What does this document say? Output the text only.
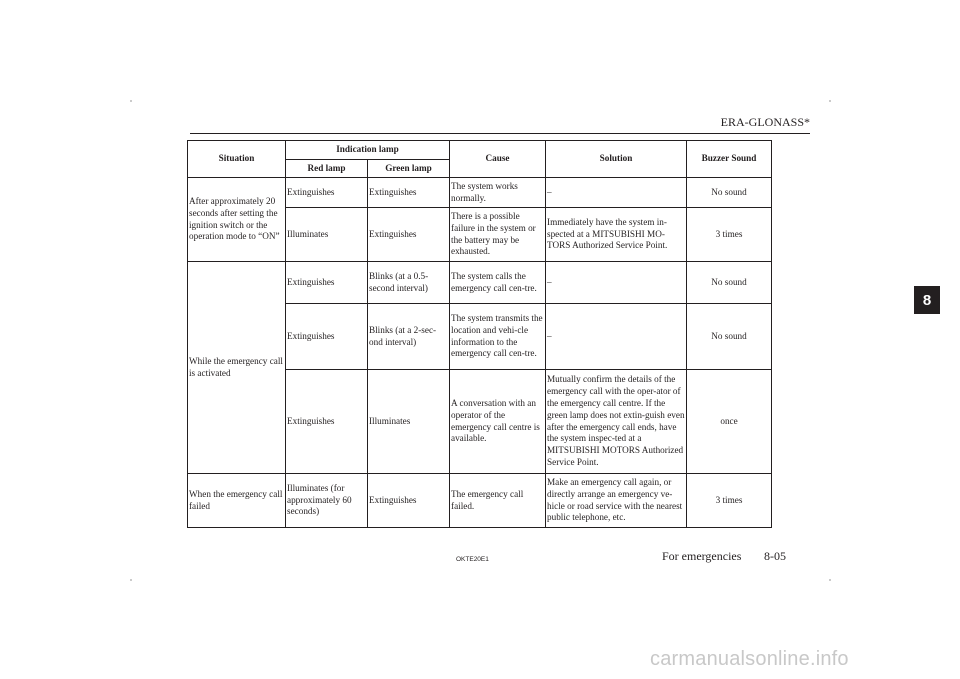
ERA-GLONASS*
8
Situation	Indication lamp		Cause	Solution	Buzzer Sound
	Red lamp	Green lamp			
After approximately 20 seconds after setting the ignition switch or the operation mode to “ON”	Extinguishes	Extinguishes	The system works normally.	–	No sound
	Illuminates	Extinguishes	There is a possible failure in the system or the battery may be exhausted.	Immediately have the system in-spected at a MITSUBISHI MO-TORS Authorized Service Point.	3 times
While the emergency call is activated	Extinguishes	Blinks (at a 0.5-second interval)	The system calls the emergency call cen-tre.	–	No sound
	Extinguishes	Blinks (at a 2-sec-ond interval)	The system transmits the location and vehi-cle information to the emergency call cen-tre.	–	No sound
	Extinguishes	Illuminates	A conversation with an operator of the emergency call centre is available.	Mutually confirm the details of the emergency call with the oper-ator of the emergency call centre. If the green lamp does not extin-guish even after the emergency call ends, have the system inspec-ted at a MITSUBISHI MOTORS Authorized Service Point.	once
When the emergency call failed	Illuminates (for approximately 60 seconds)	Extinguishes	The emergency call failed.	Make an emergency call again, or directly arrange an emergency ve-hicle or road service with the nearest public telephone, etc.	3 times
OKTE20E1	For emergencies 8-05
carmanualsonline.info
